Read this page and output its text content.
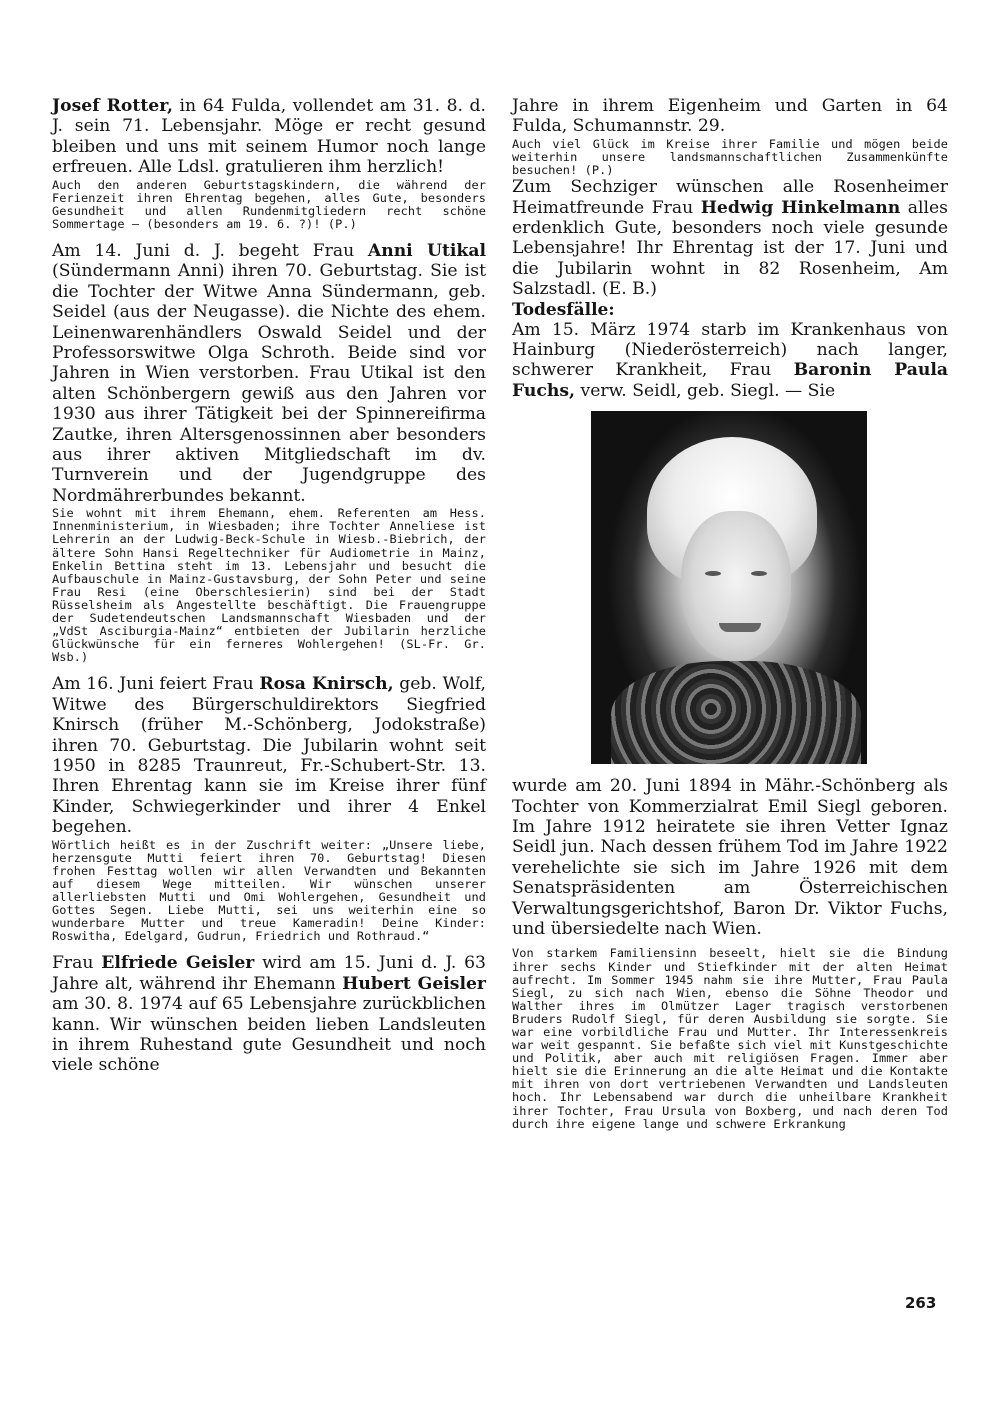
Josef Rotter, in 64 Fulda, vollendet am 31. 8. d. J. sein 71. Lebensjahr. Möge er recht gesund bleiben und uns mit seinem Humor noch lange erfreuen. Alle Ldsl. gratulieren ihm herzlich!
Auch den anderen Geburtstagskindern, die während der Ferienzeit ihren Ehrentag begehen, alles Gute, besonders Gesundheit und allen Rundenmitgliedern recht schöne Sommertage — (besonders am 19. 6. ?)! (P.)
Am 14. Juni d. J. begeht Frau Anni Utikal (Sündermann Anni) ihren 70. Geburtstag. Sie ist die Tochter der Witwe Anna Sündermann, geb. Seidel (aus der Neugasse). die Nichte des ehem. Leinenwarenhändlers Oswald Seidel und der Professorswitwe Olga Schroth. Beide sind vor Jahren in Wien verstorben. Frau Utikal ist den alten Schönbergern gewiß aus den Jahren vor 1930 aus ihrer Tätigkeit bei der Spinnereifirma Zautke, ihren Altersgenossinnen aber besonders aus ihrer aktiven Mitgliedschaft im dv. Turnverein und der Jugendgruppe des Nordmährerbundes bekannt.
Sie wohnt mit ihrem Ehemann, ehem. Referenten am Hess. Innenministerium, in Wiesbaden; ihre Tochter Anneliese ist Lehrerin an der Ludwig-Beck-Schule in Wiesb.-Biebrich, der ältere Sohn Hansi Regeltechniker für Audiometrie in Mainz, Enkelin Bettina steht im 13. Lebensjahr und besucht die Aufbauschule in Mainz-Gustavsburg, der Sohn Peter und seine Frau Resi (eine Oberschlesierin) sind bei der Stadt Rüsselsheim als Angestellte beschäftigt. Die Frauengruppe der Sudetendeutschen Landsmannschaft Wiesbaden und der „VdSt Asciburgia-Mainz“ entbieten der Jubilarin herzliche Glückwünsche für ein ferneres Wohlergehen! (SL-Fr. Gr. Wsb.)
Am 16. Juni feiert Frau Rosa Knirsch, geb. Wolf, Witwe des Bürgerschuldirektors Siegfried Knirsch (früher M.-Schönberg, Jodokstraße) ihren 70. Geburtstag. Die Jubilarin wohnt seit 1950 in 8285 Traunreut, Fr.-Schubert-Str. 13. Ihren Ehrentag kann sie im Kreise ihrer fünf Kinder, Schwiegerkinder und ihrer 4 Enkel begehen.
Wörtlich heißt es in der Zuschrift weiter: „Unsere liebe, herzensgute Mutti feiert ihren 70. Geburtstag! Diesen frohen Festtag wollen wir allen Verwandten und Bekannten auf diesem Wege mitteilen. Wir wünschen unserer allerliebsten Mutti und Omi Wohlergehen, Gesundheit und Gottes Segen. Liebe Mutti, sei uns weiterhin eine so wunderbare Mutter und treue Kameradin! Deine Kinder: Roswitha, Edelgard, Gudrun, Friedrich und Rothraud.“
Frau Elfriede Geisler wird am 15. Juni d. J. 63 Jahre alt, während ihr Ehemann Hubert Geisler am 30. 8. 1974 auf 65 Lebensjahre zurückblichen kann. Wir wünschen beiden lieben Landsleuten in ihrem Ruhestand gute Gesundheit und noch viele schöne
Jahre in ihrem Eigenheim und Garten in 64 Fulda, Schumannstr. 29.
Auch viel Glück im Kreise ihrer Familie und mögen beide weiterhin unsere landsmannschaftlichen Zusammenkünfte besuchen! (P.)
Zum Sechziger wünschen alle Rosenheimer Heimatfreunde Frau Hedwig Hinkelmann alles erdenklich Gute, besonders noch viele gesunde Lebensjahre! Ihr Ehrentag ist der 17. Juni und die Jubilarin wohnt in 82 Rosenheim, Am Salzstadl. (E. B.)
Todesfälle:
Am 15. März 1974 starb im Krankenhaus von Hainburg (Niederösterreich) nach langer, schwerer Krankheit, Frau Baronin Paula Fuchs, verw. Seidl, geb. Siegl. — Sie
wurde am 20. Juni 1894 in Mähr.-Schönberg als Tochter von Kommerzialrat Emil Siegl geboren. Im Jahre 1912 heiratete sie ihren Vetter Ignaz Seidl jun. Nach dessen frühem Tod im Jahre 1922 verehelichte sie sich im Jahre 1926 mit dem Senatspräsidenten am Österreichischen Verwaltungsgerichtshof, Baron Dr. Viktor Fuchs, und übersiedelte nach Wien.
Von starkem Familiensinn beseelt, hielt sie die Bindung ihrer sechs Kinder und Stiefkinder mit der alten Heimat aufrecht. Im Sommer 1945 nahm sie ihre Mutter, Frau Paula Siegl, zu sich nach Wien, ebenso die Söhne Theodor und Walther ihres im Olmützer Lager tragisch verstorbenen Bruders Rudolf Siegl, für deren Ausbildung sie sorgte. Sie war eine vorbildliche Frau und Mutter. Ihr Interessenkreis war weit gespannt. Sie befaßte sich viel mit Kunstgeschichte und Politik, aber auch mit religiösen Fragen. Immer aber hielt sie die Erinnerung an die alte Heimat und die Kontakte mit ihren von dort vertriebenen Verwandten und Landsleuten hoch. Ihr Lebensabend war durch die unheilbare Krankheit ihrer Tochter, Frau Ursula von Boxberg, und nach deren Tod durch ihre eigene lange und schwere Erkrankung
263
